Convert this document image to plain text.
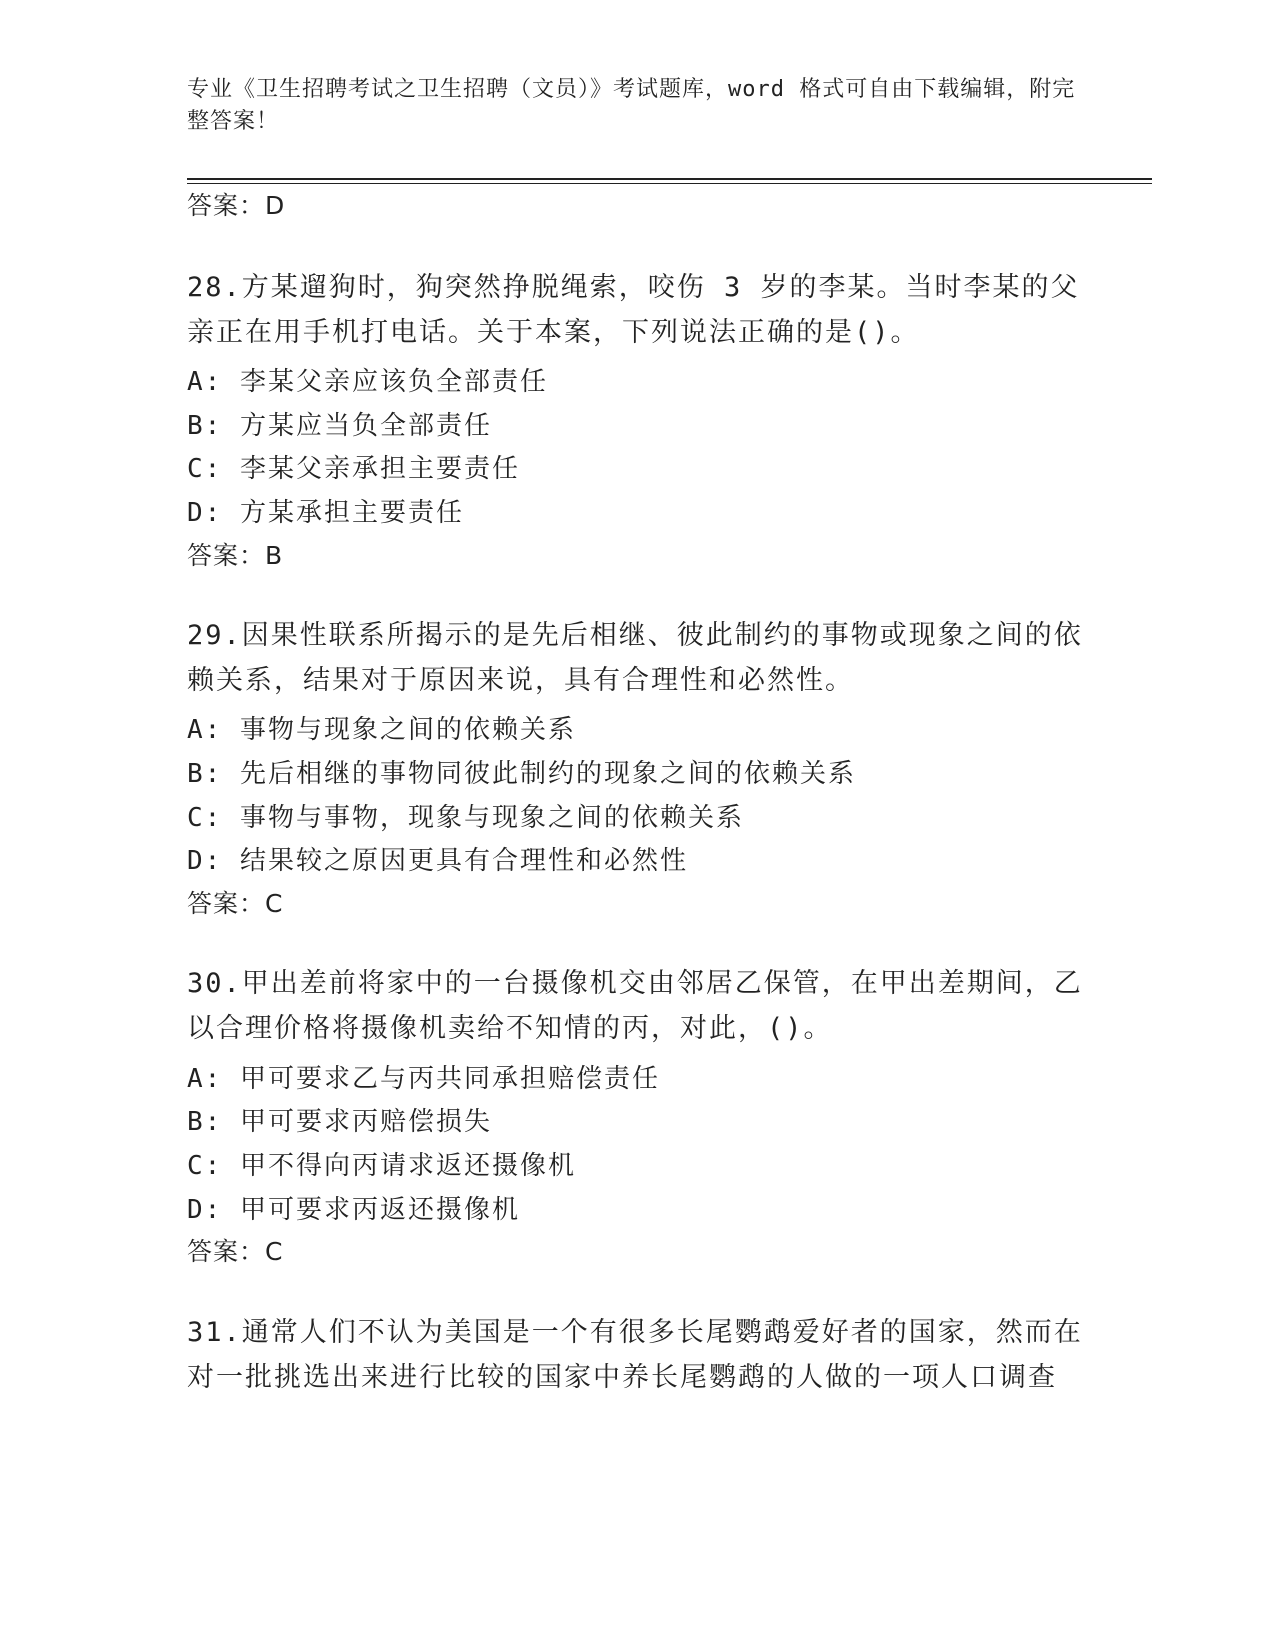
专业《卫生招聘考试之卫生招聘（文员）》考试题库，word 格式可自由下载编辑，附完整答案！
答案：D
28.方某遛狗时，狗突然挣脱绳索，咬伤 3 岁的李某。当时李某的父亲正在用手机打电话。关于本案，下列说法正确的是()。
A: 李某父亲应该负全部责任
B: 方某应当负全部责任
C: 李某父亲承担主要责任
D: 方某承担主要责任
答案：B
29.因果性联系所揭示的是先后相继、彼此制约的事物或现象之间的依赖关系，结果对于原因来说，具有合理性和必然性。
A: 事物与现象之间的依赖关系
B: 先后相继的事物同彼此制约的现象之间的依赖关系
C: 事物与事物，现象与现象之间的依赖关系
D: 结果较之原因更具有合理性和必然性
答案：C
30.甲出差前将家中的一台摄像机交由邻居乙保管，在甲出差期间，乙以合理价格将摄像机卖给不知情的丙，对此，()。
A: 甲可要求乙与丙共同承担赔偿责任
B: 甲可要求丙赔偿损失
C: 甲不得向丙请求返还摄像机
D: 甲可要求丙返还摄像机
答案：C
31.通常人们不认为美国是一个有很多长尾鹦鹉爱好者的国家，然而在对一批挑选出来进行比较的国家中养长尾鹦鹉的人做的一项人口调查
